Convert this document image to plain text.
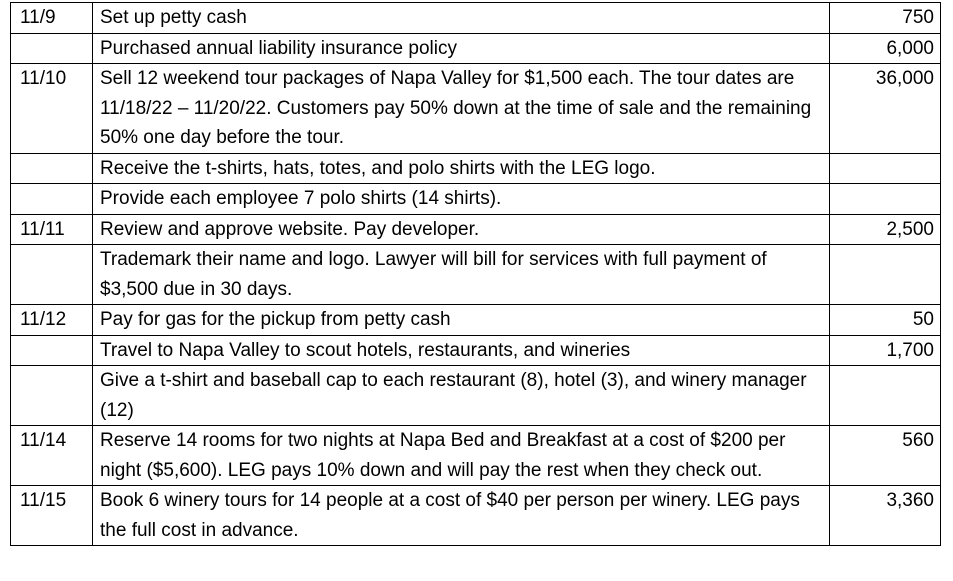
11/9	Set up petty cash	750
	Purchased annual liability insurance policy	6,000
11/10	Sell 12 weekend tour packages of Napa Valley for $1,500 each. The tour dates are 11/18/22 – 11/20/22. Customers pay 50% down at the time of sale and the remaining 50% one day before the tour.	36,000
	Receive the t-shirts, hats, totes, and polo shirts with the LEG logo.	
	Provide each employee 7 polo shirts (14 shirts).	
11/11	Review and approve website. Pay developer.	2,500
	Trademark their name and logo. Lawyer will bill for services with full payment of $3,500 due in 30 days.	
11/12	Pay for gas for the pickup from petty cash	50
	Travel to Napa Valley to scout hotels, restaurants, and wineries	1,700
	Give a t-shirt and baseball cap to each restaurant (8), hotel (3), and winery manager (12)	
11/14	Reserve 14 rooms for two nights at Napa Bed and Breakfast at a cost of $200 per night ($5,600). LEG pays 10% down and will pay the rest when they check out.	560
11/15	Book 6 winery tours for 14 people at a cost of $40 per person per winery. LEG pays the full cost in advance.	3,360
